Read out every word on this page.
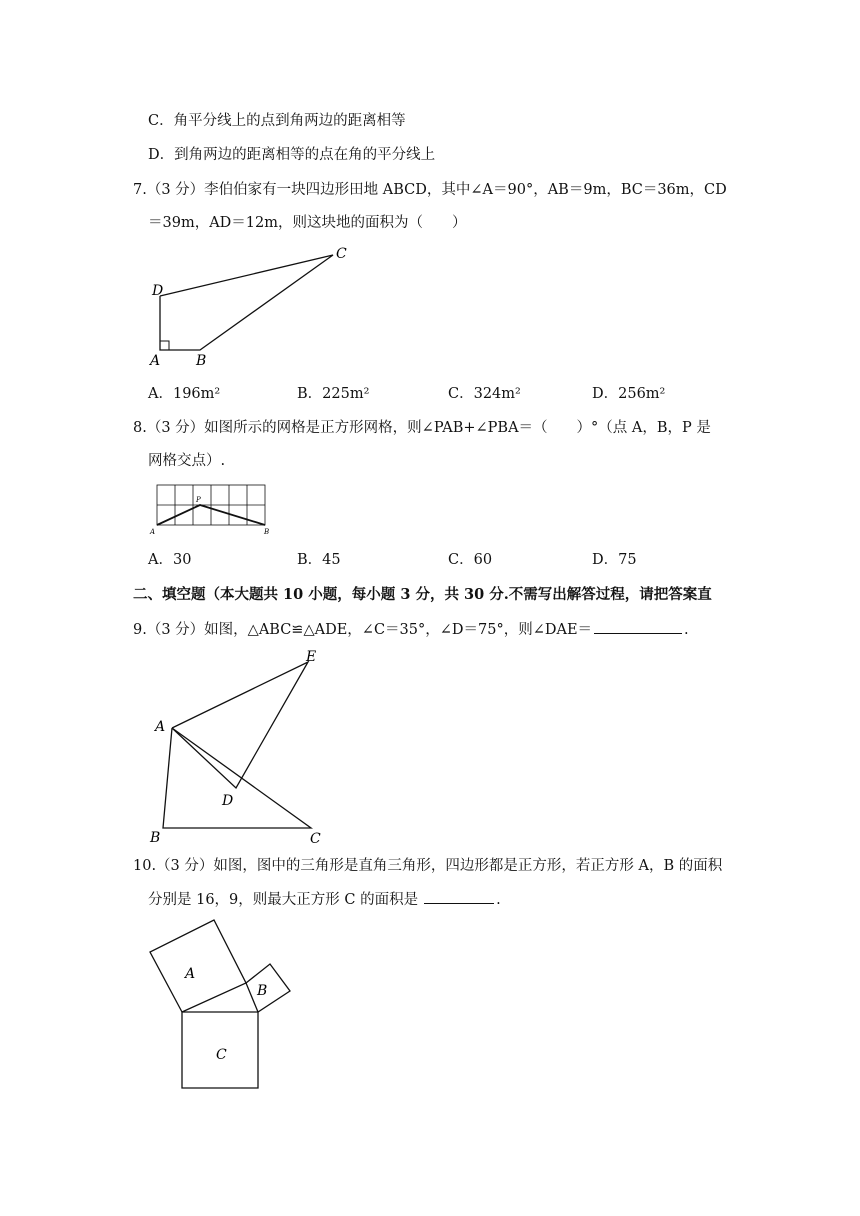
C．角平分线上的点到角两边的距离相等
D．到角两边的距离相等的点在角的平分线上
7.（3 分）李伯伯家有一块四边形田地 ABCD，其中∠A＝90°，AB＝9m，BC＝36m，CD
＝39m，AD＝12m，则这块地的面积为（　　）
D
A	B
C
A．196m²	B．225m²	C．324m²	D．256m²
8.（3 分）如图所示的网格是正方形网格，则∠PAB+∠PBA＝（　　）°（点 A，B，P 是
网格交点）.
P
A	B
A．30	B．45	C．60	D．75
二、填空题（本大题共 10 小题，每小题 3 分，共 30 分.不需写出解答过程，请把答案直
9.（3 分）如图，△ABC≌△ADE，∠C＝35°，∠D＝75°，则∠DAE＝	.
A
B	C
D
E
10.（3 分）如图，图中的三角形是直角三角形，四边形都是正方形，若正方形 A，B 的面积
分别是 16，9，则最大正方形 C 的面积是	.
A
B
C
